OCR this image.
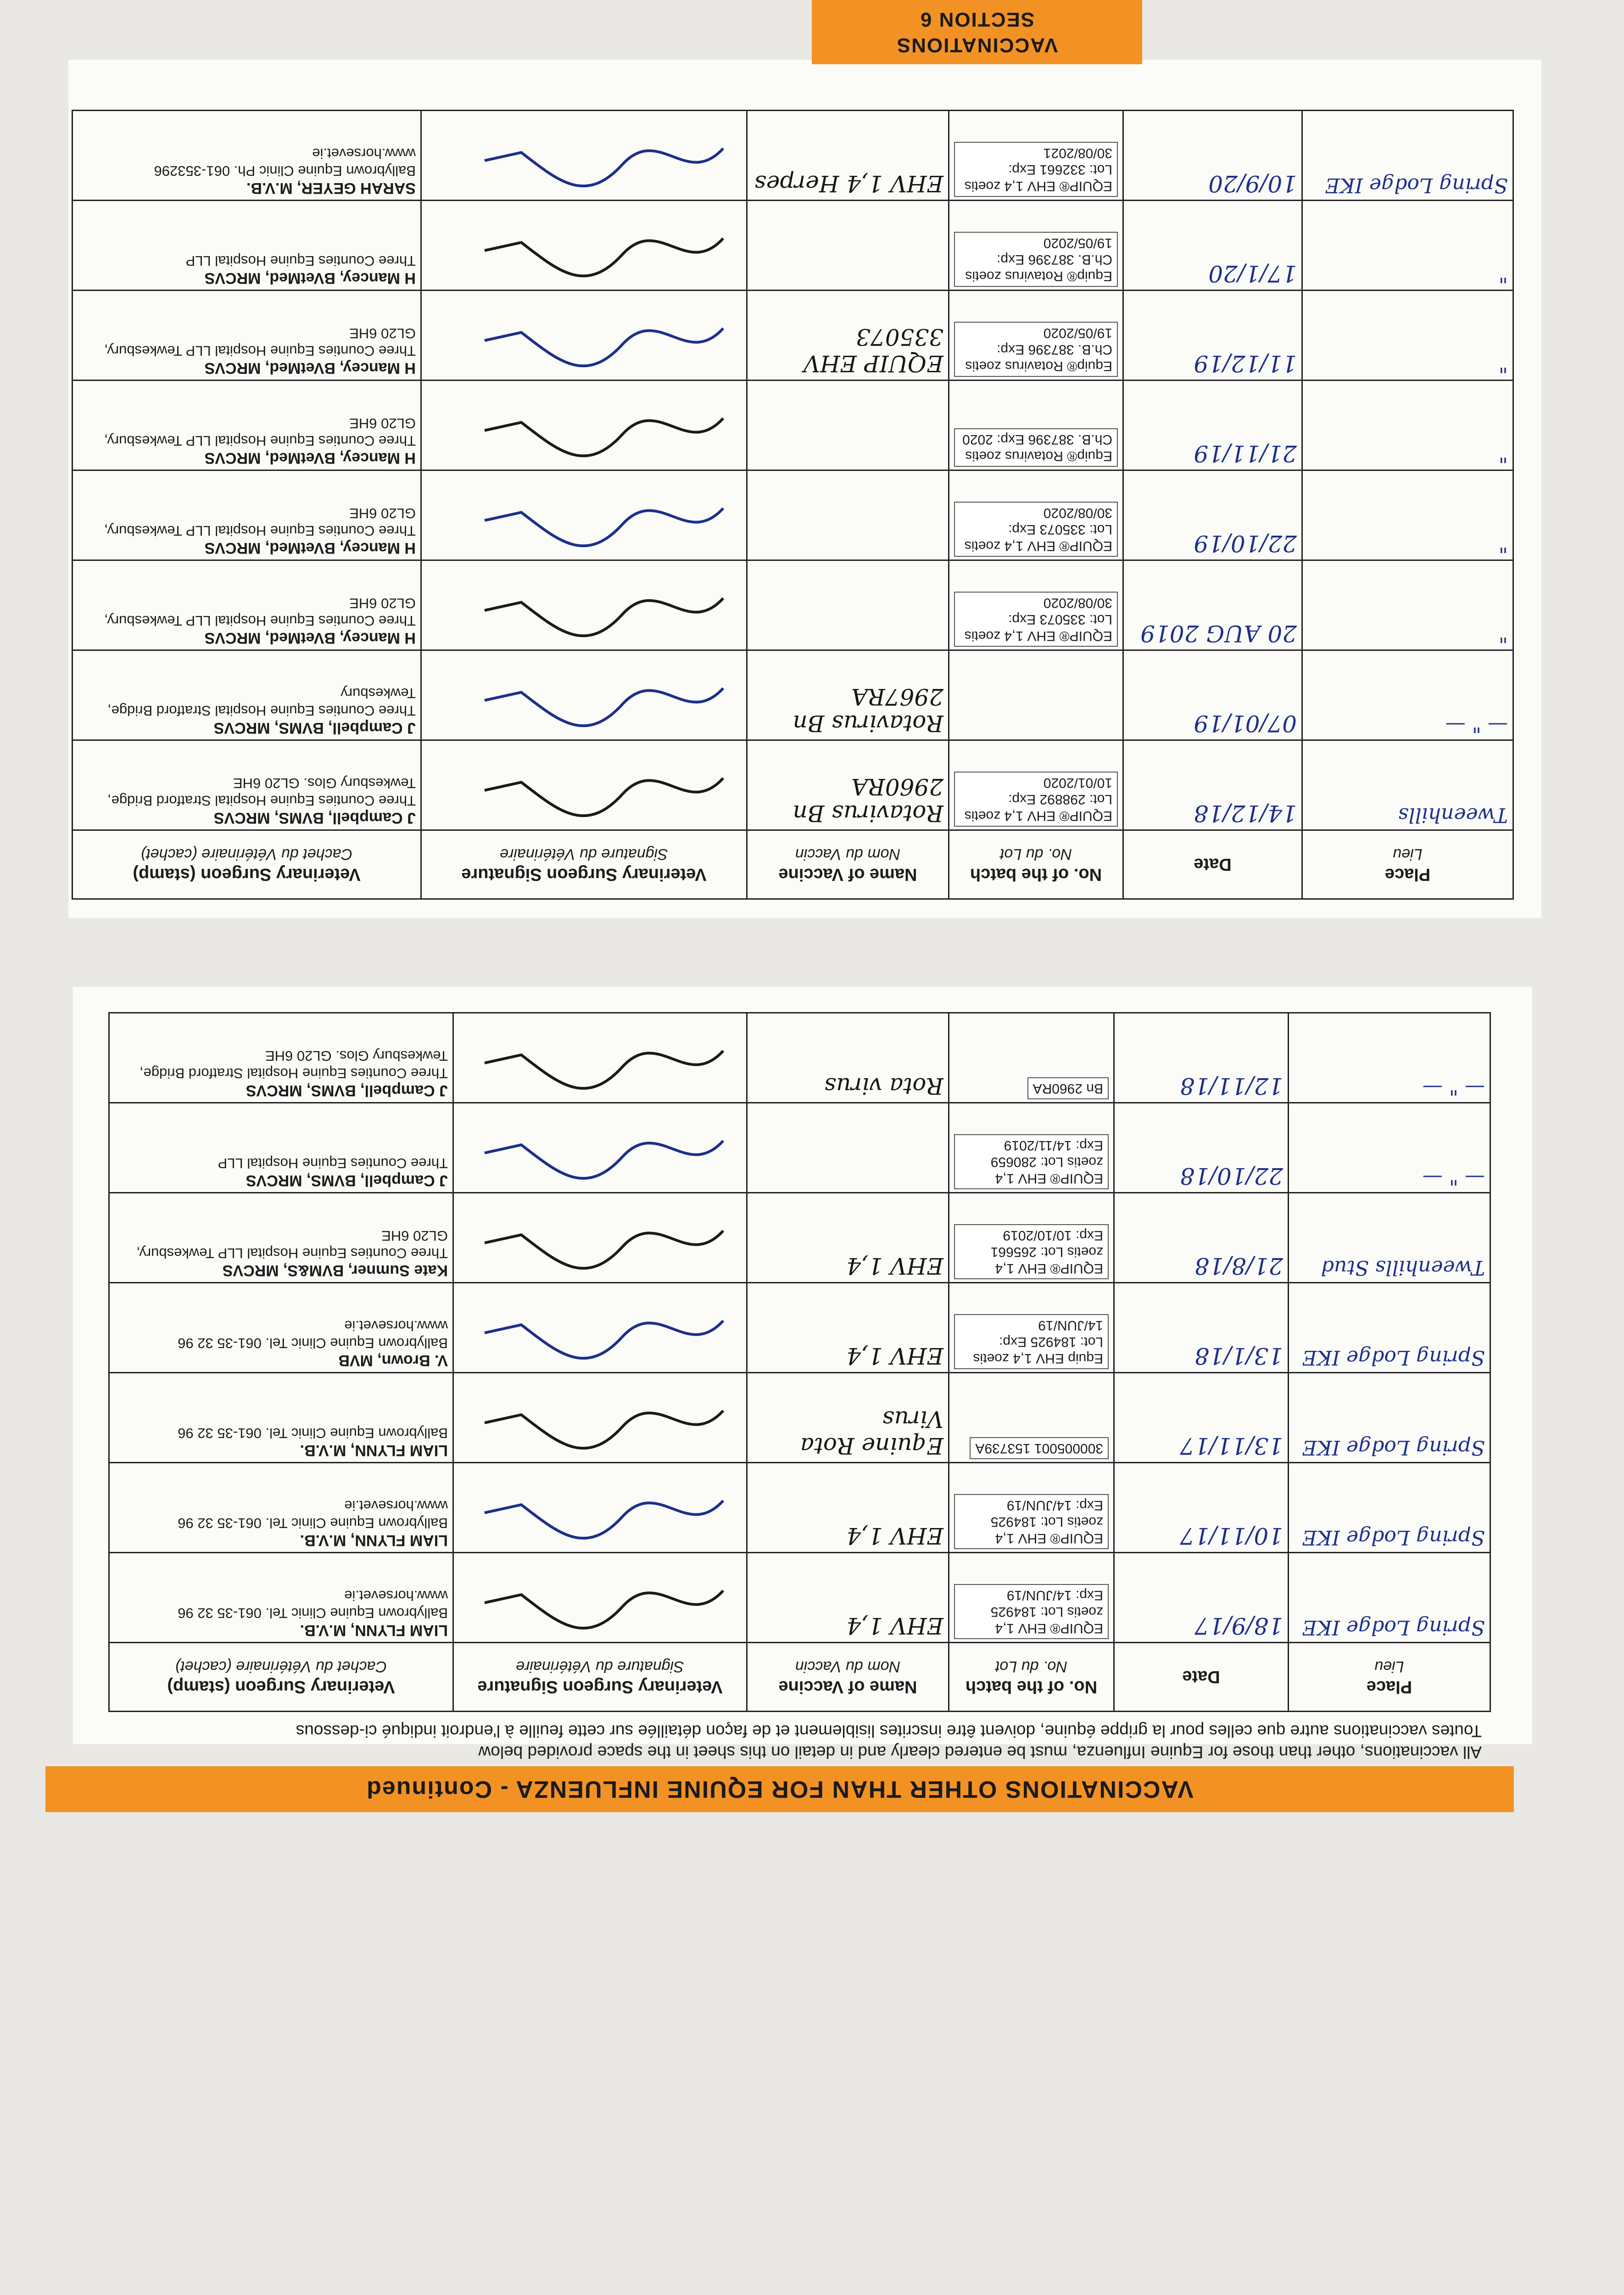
VACCINATIONS OTHER THAN FOR EQUINE INFLUENZA - Continued
All vaccinations, other than those for Equine Influenza, must be entered clearly and in detail on this sheet in the space provided below
Toutes vaccinations autre que celles pour la grippe équine, doivent être inscrites lisiblement et de façon détaillée sur cette feuille à l'endroit indiqué ci-dessous
Place
Lieu	Date	No. of the batch
No. du Lot	Name of Vaccine
Nom du Vaccin	Veterinary Surgeon Signature
Signature du Vétérinaire	Veterinary Surgeon (stamp)
Cachet du Vétérinaire (cachet)

Spring Lodge IKE	18/9/17	EQUIP® EHV 1,4 zoetis Lot: 184925 Exp: 14/JUN/19	EHV 1,4		LIAM FLYNN, M.V.B.
Ballybrown Equine Clinic Tel. 061-35 32 96 www.horsevet.ie

Spring Lodge IKE	10/11/17	EQUIP® EHV 1,4 zoetis Lot: 184925 Exp: 14/JUN/19	EHV 1,4		LIAM FLYNN, M.V.B.
Ballybrown Equine Clinic Tel. 061-35 32 96 www.horsevet.ie

Spring Lodge IKE	13/11/17	300005001 153739A	Equine Rota Virus		LIAM FLYNN, M.V.B.
Ballybrown Equine Clinic Tel. 061-35 32 96

Spring Lodge IKE	13/1/18	Equip EHV 1,4 zoetis Lot: 184925 Exp: 14/JUN/19	EHV 1,4		V. Brown, MVB
Ballybrown Equine Clinic Tel. 061-35 32 96 www.horsevet.ie

Tweenhills Stud	21/8/18	EQUIP® EHV 1,4 zoetis Lot: 265661 Exp: 10/10/2019	EHV 1,4		Kate Sumner, BVM&S, MRCVS
Three Counties Equine Hospital LLP Tewkesbury, GL20 6HE

— " —	22/10/18	EQUIP® EHV 1,4 zoetis Lot: 280659 Exp: 14/11/2019			J Campbell, BVMS, MRCVS
Three Counties Equine Hospital LLP

— " —	12/11/18	Bn 2960RA	Rota virus		J Campbell, BVMS, MRCVS
Three Counties Equine Hospital Stratford Bridge, Tewkesbury Glos. GL20 6HE
Place
Lieu	Date	No. of the batch
No. du Lot	Name of Vaccine
Nom du Vaccin	Veterinary Surgeon Signature
Signature du Vétérinaire	Veterinary Surgeon (stamp)
Cachet du Vétérinaire (cachet)

Tweenhills	14/12/18	EQUIP® EHV 1,4 zoetis Lot: 298892 Exp: 10/01/2020	Rotavirus Bn 2960RA		J Campbell, BVMS, MRCVS
Three Counties Equine Hospital Stratford Bridge, Tewkesbury Glos. GL20 6HE

— " —	07/01/19		Rotavirus Bn 2967RA		J Campbell, BVMS, MRCVS
Three Counties Equine Hospital Stratford Bridge, Tewkesbury

"	20 AUG 2019	EQUIP® EHV 1,4 zoetis Lot: 335073 Exp: 30/08/2020			H Mancey, BVetMed, MRCVS
Three Counties Equine Hospital LLP Tewkesbury, GL20 6HE

"	22/10/19	EQUIP® EHV 1,4 zoetis Lot: 335073 Exp: 30/08/2020			H Mancey, BVetMed, MRCVS
Three Counties Equine Hospital LLP Tewkesbury, GL20 6HE

"	21/11/19	Equip® Rotavirus zoetis Ch.B. 387396 Exp: 2020			H Mancey, BVetMed, MRCVS
Three Counties Equine Hospital LLP Tewkesbury, GL20 6HE

"	11/12/19	Equip® Rotavirus zoetis Ch.B. 387396 Exp: 19/05/2020	EQUIP EHV 335073		H Mancey, BVetMed, MRCVS
Three Counties Equine Hospital LLP Tewkesbury, GL20 6HE

"	17/1/20	Equip® Rotavirus zoetis Ch.B. 387396 Exp: 19/05/2020			H Mancey, BVetMed, MRCVS
Three Counties Equine Hospital LLP

Spring Lodge IKE	10/9/20	EQUIP® EHV 1,4 zoetis Lot: 332661 Exp: 30/08/2021	EHV 1,4 Herpes		SARAH GEYER, M.V.B.
Ballybrown Equine Clinic Ph. 061-353296 www.horsevet.ie
VACCINATIONS
SECTION 6
